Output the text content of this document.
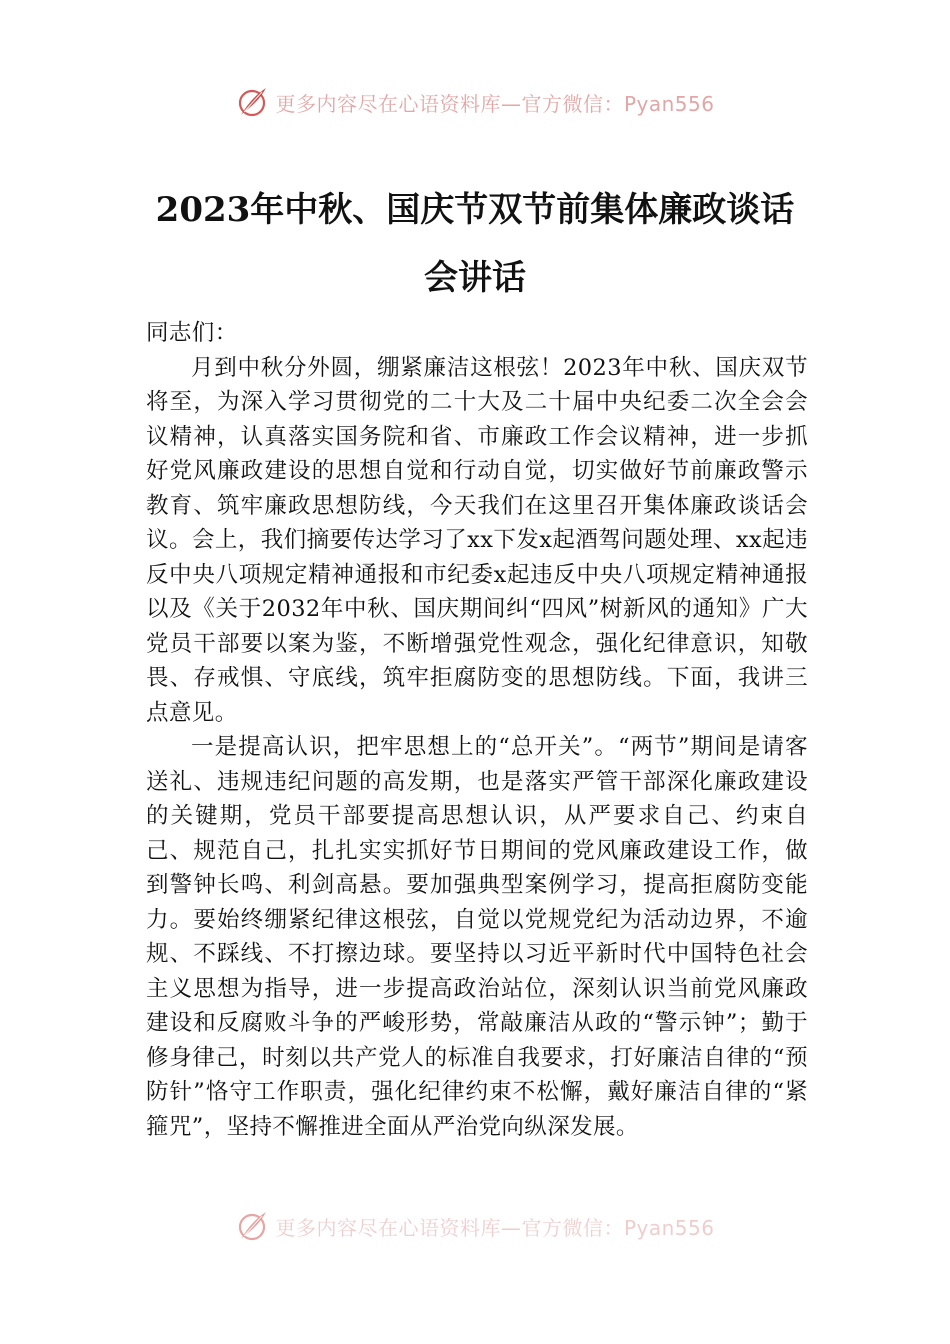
更多内容尽在心语资料库—官方微信：Pyan556
2023年中秋、国庆节双节前集体廉政谈话
会讲话

同志们：

月到中秋分外圆，绷紧廉洁这根弦！2023年中秋、国庆双节将至，为深入学习贯彻党的二十大及二十届中央纪委二次全会会议精神，认真落实国务院和省、市廉政工作会议精神，进一步抓好党风廉政建设的思想自觉和行动自觉，切实做好节前廉政警示教育、筑牢廉政思想防线，今天我们在这里召开集体廉政谈话会议。会上，我们摘要传达学习了xx下发x起酒驾问题处理、xx起违反中央八项规定精神通报和市纪委x起违反中央八项规定精神通报以及《关于2032年中秋、国庆期间纠“四风”树新风的通知》广大党员干部要以案为鉴，不断增强党性观念，强化纪律意识，知敬畏、存戒惧、守底线，筑牢拒腐防变的思想防线。下面，我讲三点意见。

一是提高认识，把牢思想上的“总开关”。“两节”期间是请客送礼、违规违纪问题的高发期，也是落实严管干部深化廉政建设的关键期，党员干部要提高思想认识，从严要求自己、约束自己、规范自己，扎扎实实抓好节日期间的党风廉政建设工作，做到警钟长鸣、利剑高悬。要加强典型案例学习，提高拒腐防变能力。要始终绷紧纪律这根弦，自觉以党规党纪为活动边界，不逾规、不踩线、不打擦边球。要坚持以习近平新时代中国特色社会主义思想为指导，进一步提高政治站位，深刻认识当前党风廉政建设和反腐败斗争的严峻形势，常敲廉洁从政的“警示钟”；勤于修身律己，时刻以共产党人的标准自我要求，打好廉洁自律的“预防针”恪守工作职责，强化纪律约束不松懈，戴好廉洁自律的“紧箍咒”，坚持不懈推进全面从严治党向纵深发展。

更多内容尽在心语资料库—官方微信：Pyan556
